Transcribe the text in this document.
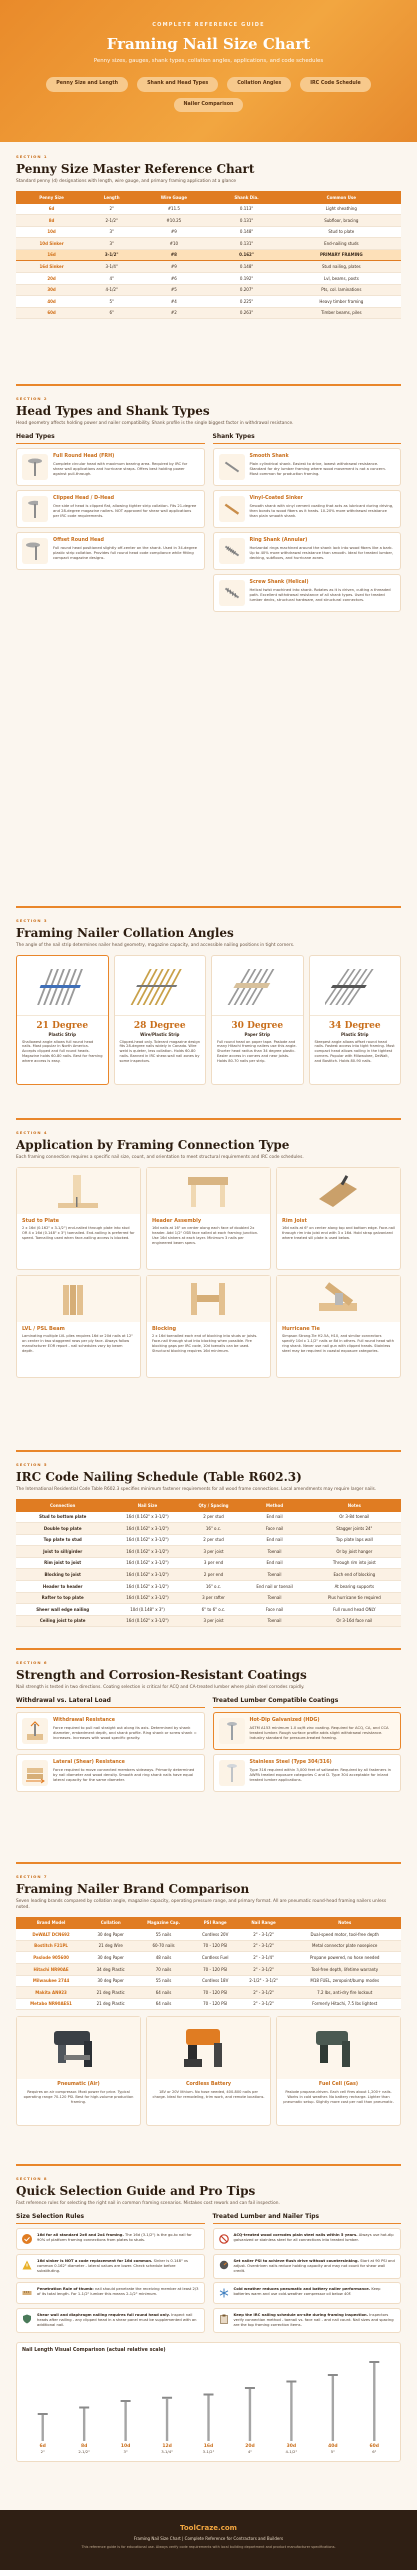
COMPLETE REFERENCE GUIDE
Framing Nail Size Chart
Penny sizes, gauges, shank types, collation angles, applications, and code schedules
Penny Size and Length	Shank and Head Types	Collation Angles	IRC Code Schedule
Nailer Comparison
SECTION 1
Penny Size Master Reference Chart
Standard penny (d) designations with length, wire gauge, and primary framing application at a glance
Penny Size	Length	Wire Gauge	Shank Dia.	Common Use
6d	2"	#11.5	0.113"	Light sheathing
8d	2-1/2"	#10.25	0.131"	Subfloor, bracing
10d	3"	#9	0.148"	Stud to plate
10d Sinker	3"	#10	0.131"	End-nailing studs
16d	3-1/2"	#8	0.162"	PRIMARY FRAMING
16d Sinker	3-1/4"	#9	0.148"	Stud nailing, plates
20d	4"	#6	0.192"	Lvl, beams, posts
30d	4-1/2"	#5	0.207"	Pts, col. laminations
40d	5"	#4	0.225"	Heavy timber framing
60d	6"	#2	0.263"	Timber beams, piles
SECTION 2
Head Types and Shank Types
Head geometry affects holding power and nailer compatibility. Shank profile is the single biggest factor in withdrawal resistance.
Head Types
Full Round Head (FRH)
Complete circular head with maximum bearing area. Required by IRC for shear wall applications and hurricane straps. Offers best holding power against pull-through.
Clipped Head / D-Head
One side of head is clipped flat, allowing tighter strip collation. Fits 21-degree and 28-degree magazine nailers. NOT approved for shear wall applications per IRC code requirements.
Offset Round Head
Full round head positioned slightly off-center on the shank. Used in 34-degree plastic strip collation. Provides full round head code compliance while fitting compact magazine designs.
Shank Types
Smooth Shank
Plain cylindrical shank. Easiest to drive, lowest withdrawal resistance. Standard for dry lumber framing where wood movement is not a concern. Most common for production framing.
Vinyl-Coated Sinker
Smooth shank with vinyl cement coating that acts as lubricant during driving, then bonds to wood fibers as it heats. 10-20% more withdrawal resistance than plain smooth shank.
Ring Shank (Annular)
Horizontal rings machined around the shank lock into wood fibers like a barb. Up to 40% more withdrawal resistance than smooth. Ideal for treated lumber, decking, subfloors, and hurricane zones.
Screw Shank (Helical)
Helical twist machined into shank. Rotates as it is driven, cutting a threaded path. Excellent withdrawal resistance of all shank types. Used for treated lumber decks, structural hardware, and structural connectors.
SECTION 3
Framing Nailer Collation Angles
The angle of the nail strip determines nailer head geometry, magazine capacity, and accessible nailing positions in tight corners.
21 Degree
Plastic Strip
Shallowest angle allows full round head nails. Most popular in North America. Accepts clipped and full round heads. Magazine holds 60-80 nails. Best for framing where access is easy.
28 Degree
Wire/Plastic Strip
Clipped-head only. Tolerant magazine design fits 28-degree nails widely in Canada. Wire weld is quieter, less collation. Holds 60-80 nails. Banned in IRC shear-wall nail zones by some inspectors.
30 Degree
Paper Strip
Full round head on paper tape. Paslode and many Hitachi framing nailers use this angle. Shorter head radius than 34 degree plastic. Easier access in corners and near joists. Holds 80-70 nails per strip.
34 Degree
Plastic Strip
Steepest angle allows offset round head nails. Fastest access into tight framing. Most compact head allows nailing in the tightest corners. Popular with Milwaukee, DeWalt, and Bostitch. Holds 80-90 nails.
SECTION 4
Application by Framing Connection Type
Each framing connection requires a specific nail size, count, and orientation to meet structural requirements and IRC code schedules.
Stud to Plate
2 x 16d (0.162" x 3-1/2") end-nailed through plate into stud OR 4 x 16d (0.148" x 3") toenailed. End-nailing is preferred for speed. Toenailing used when face-nailing access is blocked.
Header Assembly
16d nails at 16" on center along each face of doubled 2x header. Add 1/2" OSB face nailed at each framing junction. Use 16d sinkers at each layer. Minimum 3 nails per engineered beam specs.
Rim Joist
16d nails at 6" on center along top and bottom edge. Face-nail through rim into joist end with 3 x 16d. Hold strap galvanized where treated sill plate is used below.
LVL / PSL Beam
Laminating multiple LVL plies requires 16d or 20d nails at 12" on center in two staggered rows per ply face. Always follow manufacturer EOR report - nail schedules vary by beam depth.
Blocking
2 x 16d toenailed each end of blocking into studs or joists. Face-nail through stud into blocking when possible. Fire blocking gaps per IRC code, 10d toenails can be used. Structural blocking requires 16d minimum.
Hurricane Tie
Simpson Strong-Tie H2.5A, H10, and similar connectors specify 10d x 1-1/2" nails or 8d in others. Full round head with ring shank. Never use nail gun with clipped heads. Stainless steel may be required in coastal exposure categories.
SECTION 5
IRC Code Nailing Schedule (Table R602.3)
The International Residential Code Table R602.3 specifies minimum fastener requirements for all wood frame connections. Local amendments may require larger nails.
Connection	Nail Size	Qty / Spacing	Method	Notes
Stud to bottom plate	16d (0.162" x 3-1/2")	2 per stud	End nail	Or 3-8d toenail
Double top plate	16d (0.162" x 3-1/2")	16" o.c.	Face nail	Stagger joints 24"
Top plate to stud	16d (0.162" x 3-1/2")	2 per stud	End nail	Top plate laps wall
Joist to sill/girder	16d (0.162" x 3-1/2")	3 per joist	Toenail	Or by joist hanger
Rim joist to joist	16d (0.162" x 3-1/2")	3 per end	End nail	Through rim into joist
Blocking to joist	16d (0.162" x 3-1/2")	2 per end	Toenail	Each end of blocking
Header to header	16d (0.162" x 3-1/2")	16" o.c.	End nail or toenail	At bearing supports
Rafter to top plate	16d (0.162" x 3-1/2")	3 per rafter	Toenail	Plus hurricane tie required
Sheer wall edge nailing	10d (0.148" x 3")	6" to 6" o.c.	Face nail	Full round head ONLY
Ceiling joist to plate	16d (0.162" x 3-1/2")	3 per joist	Toenail	Or 3-16d face nail
SECTION 6
Strength and Corrosion-Resistant Coatings
Nail strength is tested in two directions. Coating selection is critical for ACQ and CA-treated lumber where plain steel corrodes rapidly.
Withdrawal vs. Lateral Load
Withdrawal Resistance
Force required to pull nail straight out along its axis. Determined by shank diameter, embedment depth, and shank profile. Ring shank or screw shank = increases. Increases with wood specific gravity.
Lateral (Shear) Resistance
Force required to move connected members sideways. Primarily determined by nail diameter and wood density. Smooth and ring shank nails have equal lateral capacity for the same diameter.
Treated Lumber Compatible Coatings
Hot-Dip Galvanized (HDG)
ASTM A153 minimum 1.0 oz/ft zinc coating. Required for ACQ, CA, and CCA treated lumber. Rough surface profile adds slight withdrawal resistance. Industry standard for pressure-treated framing.
Stainless Steel (Type 304/316)
Type 316 required within 3,000 feet of saltwater. Required by all fasteners in AWPA treated exposure categories C and D. Type 304 acceptable for inland treated lumber applications.
SECTION 7
Framing Nailer Brand Comparison
Seven leading brands compared by collation angle, magazine capacity, operating pressure range, and primary format. All are pneumatic round-head framing nailers unless noted.
Brand Model	Collation	Magazine Cap.	PSI Range	Nail Range	Notes
DeWALT DCN692	30 deg Paper	55 nails	Cordless 20V	2" - 3-1/2"	Dual-speed motor, tool-free depth
Bostitch F21PL	21 deg Wire	60-70 nails	70 - 120 PSI	2" - 3-1/2"	Metal connector plate nosepiece
Paslode 905600	30 deg Paper	48 nails	Cordless Fuel	2" - 3-1/4"	Propane powered, no hose needed
Hitachi NR90AE	34 deg Plastic	70 nails	70 - 120 PSI	2" - 3-1/2"	Tool-free depth, lifetime warranty
Milwaukee 2744	30 deg Paper	55 nails	Cordless 18V	2-1/2" - 3-1/2"	M18 FUEL, zeropoint/bump modes
Makita AN923	21 deg Plastic	64 nails	70 - 120 PSI	2" - 3-1/2"	7.2 lbs, anti-dry fire lockout
Metabo NR90AES1	21 deg Plastic	64 nails	70 - 120 PSI	2" - 3-1/2"	Formerly Hitachi, 7.5 lbs lightest
Pneumatic (Air)
Requires an air compressor. Most power for price. Typical operating range 70-120 PSI. Best for high-volume production framing.
Cordless Battery
18V or 20V lithium. No hose needed, 400-800 nails per charge. Ideal for remodeling, trim work, and remote locations.
Fuel Cell (Gas)
Paslode propane-driven. Each cell fires about 1,200+ nails. Works in cold weather. No battery recharge. Lighter than pneumatic setup. Slightly more cost per nail than pneumatic.
SECTION 8
Quick Selection Guide and Pro Tips
Fast reference rules for selecting the right nail in common framing scenarios. Mistakes cost rework and can fail inspection.
Size Selection Rules
16d for all standard 2x6 and 2x4 framing. The 16d (3-1/2") is the go-to nail for 90% of platform framing connections from plates to studs.
16d sinker is NOT a code replacement for 16d common. Sinker is 0.148" vs common 0.162" diameter - lateral values are lower. Check schedule before substituting.
Penetration Rule of thumb: nail should penetrate the receiving member at least 2/3 of its total length. For 1-1/2" lumber this means 2-1/2" minimum.
Shear wall and diaphragm nailing requires full round head only. Inspect nail heads after nailing - any clipped head in a shear panel must be supplemented with an additional nail.
Treated Lumber and Nailer Tips
ACQ-treated wood corrodes plain steel nails within 5 years. Always use hot-dip galvanized or stainless steel for all connections into treated lumber.
Set nailer PSI to achieve flush drive without countersinking. Start at 90 PSI and adjust. Overdriven nails reduce holding capacity and may not count for shear wall credit.
Cold weather reduces pneumatic and battery nailer performance. Keep batteries warm and use cold-weather compressor oil below 40F.
Keep the IRC nailing schedule on-site during framing inspection. Inspectors verify connection method - toenail vs. face nail - and nail count. Nail sizes and spacing are the top framing correction items.
Nail Length Visual Comparison (actual relative scale)
6d
2"
8d
2-1/2"
10d
3"
12d
3-1/4"
16d
3-1/2"
20d
4"
30d
4-1/2"
40d
5"
60d
6"
ToolCraze.com
Framing Nail Size Chart | Complete Reference for Contractors and Builders
This reference guide is for educational use. Always verify code requirements with local building department and product manufacturer specifications.
